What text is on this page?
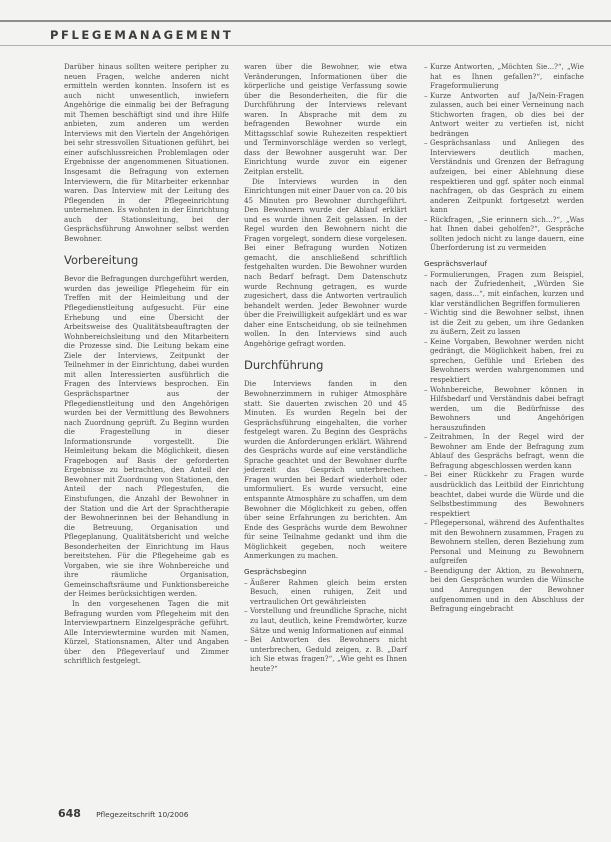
PFLEGEMANAGEMENT

Darüber hinaus sollten weitere peripher zu neuen Fragen, welche anderen nicht ermitteln werden konnten. Insofern ist es auch nicht unwesentlich, inwiefern Angehörige die einmalig bei der Befragung mit Themen beschäftigt sind und ihre Hilfe anbieten, zum anderen um werden Interviews mit den Vierteln der Angehörigen bei sehr stressvollen Situationen geführt, bei einer aufschlussreichen Problemlagen oder Ergebnisse der angenommenen Situationen. Insgesamt die Befragung von externen Interviewern, die für Mitarbeiter erkennbar waren. Das Interview mit der Leitung des Pflegenden in der Pflegeeinrichtung unternehmen. Es wohnten in der Einrichtung auch der Stationsleitung, bei der Gesprächsführung Anwohner selbst werden Bewohner.

Vorbereitung

Bevor die Befragungen durchgeführt werden, wurden das jeweilige Pflegeheim für ein Treffen mit der Heimleitung und der Pflegedienstleitung aufgesucht. Für eine Erhebung und eine Übersicht der Arbeitsweise des Qualitätsbeauftragten der Wohnbereichsleitung und den Mitarbeitern die Prozesse sind. Die Leitung bekam eine Ziele der Interviews, Zeitpunkt der Teilnehmer in der Einrichtung, dabei wurden mit allen Interessierten ausführlich die Fragen des Interviews besprochen. Ein Gesprächspartner aus der Pflegedienstleitung und den Angehörigen wurden bei der Vermittlung des Bewohners nach Zuordnung geprüft. Zu Beginn wurden die Fragestellung in dieser Informationsrunde vorgestellt. Die Heimleitung bekam die Möglichkeit, diesen Fragebogen auf Basis der geforderten Ergebnisse zu betrachten, den Anteil der Bewohner mit Zuordnung von Stationen, den Anteil der nach Pflegestufen, die Einstufungen, die Anzahl der Bewohner in der Station und die Art der Sprachtherapie der Bewohnerinnen bei der Behandlung in die Betreuung, Organisation und Pflegeplanung, Qualitätsbericht und welche Besonderheiten der Einrichtung im Haus bereitstehen. Für die Pflegeheime gab es Vorgaben, wie sie ihre Wohnbereiche und ihre räumliche Organisation, Gemeinschaftsräume und Funktionsbereiche der Heimes berücksichtigen werden.

In den vorgesehenen Tagen die mit Befragung wurden vom Pflegeheim mit den Interviewpartnern Einzelgespräche geführt. Alle Interviewtermine wurden mit Namen, Kürzel, Stationsnamen, Alter und Angaben über den Pflegeverlauf und Zimmer schriftlich festgelegt.

waren über die Bewohner, wie etwa Veränderungen, Informationen über die körperliche und geistige Verfassung sowie über die Besonderheiten, die für die Durchführung der Interviews relevant waren. In Absprache mit dem zu befragenden Bewohner wurde ein Mittagsschlaf sowie Ruhezeiten respektiert und Terminvorschläge werden so verlegt, dass der Bewohner ausgeruht war. Der Einrichtung wurde zuvor ein eigener Zeitplan erstellt.

Die Interviews wurden in den Einrichtungen mit einer Dauer von ca. 20 bis 45 Minuten pro Bewohner durchgeführt. Den Bewohnern wurde der Ablauf erklärt und es wurde ihnen Zeit gelassen. In der Regel wurden den Bewohnern nicht die Fragen vorgelegt, sondern diese vorgelesen. Bei einer Befragung wurden Notizen gemacht, die anschließend schriftlich festgehalten wurden. Die Bewohner wurden nach Bedarf befragt. Dem Datenschutz wurde Rechnung getragen, es wurde zugesichert, dass die Antworten vertraulich behandelt werden. Jeder Bewohner wurde über die Freiwilligkeit aufgeklärt und es war daher eine Entscheidung, ob sie teilnehmen wollen. In den Interviews sind auch Angehörige gefragt worden.

Durchführung

Die Interviews fanden in den Bewohnerzimmern in ruhiger Atmosphäre statt. Sie dauerten zwischen 20 und 45 Minuten. Es wurden Regeln bei der Gesprächsführung eingehalten, die vorher festgelegt waren. Zu Beginn des Gesprächs wurden die Anforderungen erklärt. Während des Gesprächs wurde auf eine verständliche Sprache geachtet und der Bewohner durfte jederzeit das Gespräch unterbrechen. Fragen wurden bei Bedarf wiederholt oder umformuliert. Es wurde versucht, eine entspannte Atmosphäre zu schaffen, um dem Bewohner die Möglichkeit zu geben, offen über seine Erfahrungen zu berichten. Am Ende des Gesprächs wurde dem Bewohner für seine Teilnahme gedankt und ihm die Möglichkeit gegeben, noch weitere Anmerkungen zu machen.

Gesprächsbeginn
– Äußerer Rahmen gleich beim ersten Besuch, einen ruhigen, Zeit und vertraulichen Ort gewährleisten
– Vorstellung und freundliche Sprache, nicht zu laut, deutlich, keine Fremdwörter, kurze Sätze und wenig Informationen auf einmal
– Bei Antworten des Bewohners nicht unterbrechen, Geduld zeigen, z. B. „Darf ich Sie etwas fragen?“, „Wie geht es Ihnen heute?“
– Kurze Antworten, „Möchten Sie...?“, „Wie hat es Ihnen gefallen?“, einfache Frageformulierung
– Kurze Antworten auf Ja/Nein-Fragen zulassen, auch bei einer Verneinung nach Stichworten fragen, ob dies bei der Antwort weiter zu vertiefen ist, nicht bedrängen
– Gesprächsanlass und Anliegen des Interviewers deutlich machen, Verständnis und Grenzen der Befragung aufzeigen, bei einer Ablehnung diese respektieren und ggf. später noch einmal nachfragen, ob das Gespräch zu einem anderen Zeitpunkt fortgesetzt werden kann
– Rückfragen, „Sie erinnern sich...?“, „Was hat Ihnen dabei geholfen?“, Gespräche sollten jedoch nicht zu lange dauern, eine Überforderung ist zu vermeiden
Gesprächsverlauf
– Formulierungen, Fragen zum Beispiel, nach der Zufriedenheit, „Würden Sie sagen, dass...“, mit einfachen, kurzen und klar verständlichen Begriffen formulieren
– Wichtig sind die Bewohner selbst, ihnen ist die Zeit zu geben, um ihre Gedanken zu äußern, Zeit zu lassen
– Keine Vorgaben, Bewohner werden nicht gedrängt, die Möglichkeit haben, frei zu sprechen, Gefühle und Erleben des Bewohners werden wahrgenommen und respektiert
– Wohnbereiche, Bewohner können in Hilfsbedarf und Verständnis dabei befragt werden, um die Bedürfnisse des Bewohners und Angehörigen herauszufinden
– Zeitrahmen, In der Regel wird der Bewohner am Ende der Befragung zum Ablauf des Gesprächs befragt, wenn die Befragung abgeschlossen werden kann
– Bei einer Rückkehr zu Fragen wurde ausdrücklich das Leitbild der Einrichtung beachtet, dabei wurde die Würde und die Selbstbestimmung des Bewohners respektiert
– Pflegepersonal, während des Aufenthaltes mit den Bewohnern zusammen, Fragen zu Bewohnern stellen, deren Beziehung zum Personal und Meinung zu Bewohnern aufgreifen
– Beendigung der Aktion, zu Bewohnern, bei den Gesprächen wurden die Wünsche und Anregungen der Bewohner aufgenommen und in den Abschluss der Befragung eingebracht
648 Pflegezeitschrift 10/2006
